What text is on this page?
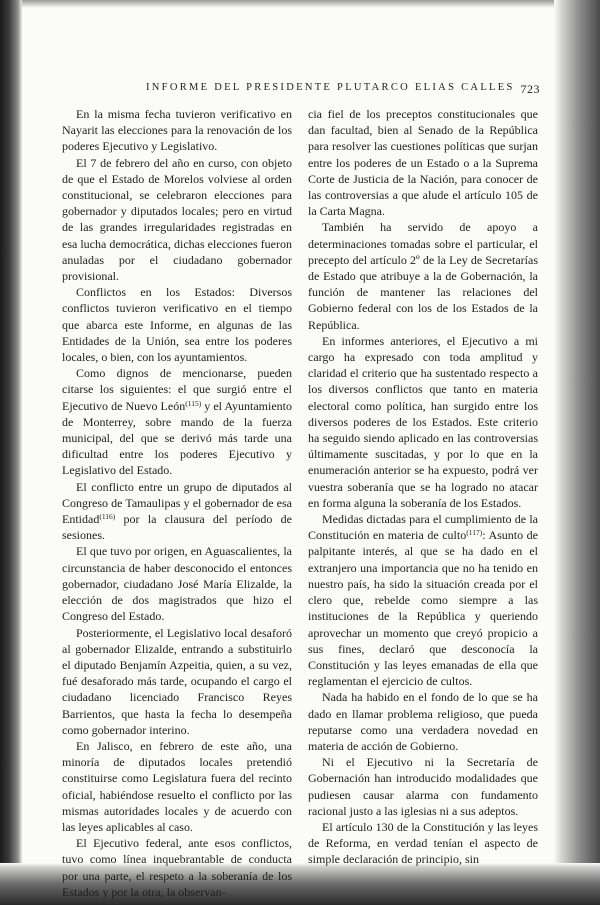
INFORME DEL PRESIDENTE PLUTARCO ELIAS CALLES 723

En la misma fecha tuvieron verificativo en Nayarit las elecciones para la renovación de los poderes Ejecutivo y Legislativo.

El 7 de febrero del año en curso, con objeto de que el Estado de Morelos volviese al orden constitucional, se celebraron elecciones para gobernador y diputados locales; pero en virtud de las grandes irregularidades registradas en esa lucha democrática, dichas elecciones fueron anuladas por el ciudadano gobernador provisional.

Conflictos en los Estados: Diversos conflictos tuvieron verificativo en el tiempo que abarca este Informe, en algunas de las Entidades de la Unión, sea entre los poderes locales, o bien, con los ayuntamientos.

Como dignos de mencionarse, pueden citarse los siguientes: el que surgió entre el Ejecutivo de Nuevo León$^{(115)}$ y el Ayuntamiento de Monterrey, sobre mando de la fuerza municipal, del que se derivó más tarde una dificultad entre los poderes Ejecutivo y Legislativo del Estado.

El conflicto entre un grupo de diputados al Congreso de Tamaulipas y el gobernador de esa Entidad$^{(116)}$ por la clausura del período de sesiones.

El que tuvo por origen, en Aguascalientes, la circunstancia de haber desconocido el entonces gobernador, ciudadano José María Elizalde, la elección de dos magistrados que hizo el Congreso del Estado.

Posteriormente, el Legislativo local desaforó al gobernador Elizalde, entrando a substituirlo el diputado Benjamín Azpeitia, quien, a su vez, fué desaforado más tarde, ocupando el cargo el ciudadano licenciado Francisco Reyes Barrientos, que hasta la fecha lo desempeña como gobernador interino.

En Jalisco, en febrero de este año, una minoría de diputados locales pretendió constituirse como Legislatura fuera del recinto oficial, habiéndose resuelto el conflicto por las mismas autoridades locales y de acuerdo con las leyes aplicables al caso.

El Ejecutivo federal, ante esos conflictos, tuvo como línea inquebrantable de conducta por una parte, el respeto a la soberanía de los Estados y por la otra, la observan-

cia fiel de los preceptos constitucionales que dan facultad, bien al Senado de la República para resolver las cuestiones políticas que surjan entre los poderes de un Estado o a la Suprema Corte de Justicia de la Nación, para conocer de las controversias a que alude el artículo 105 de la Carta Magna.

También ha servido de apoyo a determinaciones tomadas sobre el particular, el precepto del artículo 2º de la Ley de Secretarías de Estado que atribuye a la de Gobernación, la función de mantener las relaciones del Gobierno federal con los de los Estados de la República.

En informes anteriores, el Ejecutivo a mi cargo ha expresado con toda amplitud y claridad el criterio que ha sustentado respecto a los diversos conflictos que tanto en materia electoral como política, han surgido entre los diversos poderes de los Estados. Este criterio ha seguido siendo aplicado en las controversias últimamente suscitadas, y por lo que en la enumeración anterior se ha expuesto, podrá ver vuestra soberanía que se ha logrado no atacar en forma alguna la soberanía de los Estados.

Medidas dictadas para el cumplimiento de la Constitución en materia de culto$^{(117)}$: Asunto de palpitante interés, al que se ha dado en el extranjero una importancia que no ha tenido en nuestro país, ha sido la situación creada por el clero que, rebelde como siempre a las instituciones de la República y queriendo aprovechar un momento que creyó propicio a sus fines, declaró que desconocía la Constitución y las leyes emanadas de ella que reglamentan el ejercicio de cultos.

Nada ha habido en el fondo de lo que se ha dado en llamar problema religioso, que pueda reputarse como una verdadera novedad en materia de acción de Gobierno.

Ni el Ejecutivo ni la Secretaría de Gobernación han introducido modalidades que pudiesen causar alarma con fundamento racional justo a las iglesias ni a sus adeptos.

El artículo 130 de la Constitución y las leyes de Reforma, en verdad tenían el aspecto de simple declaración de principio, sin
